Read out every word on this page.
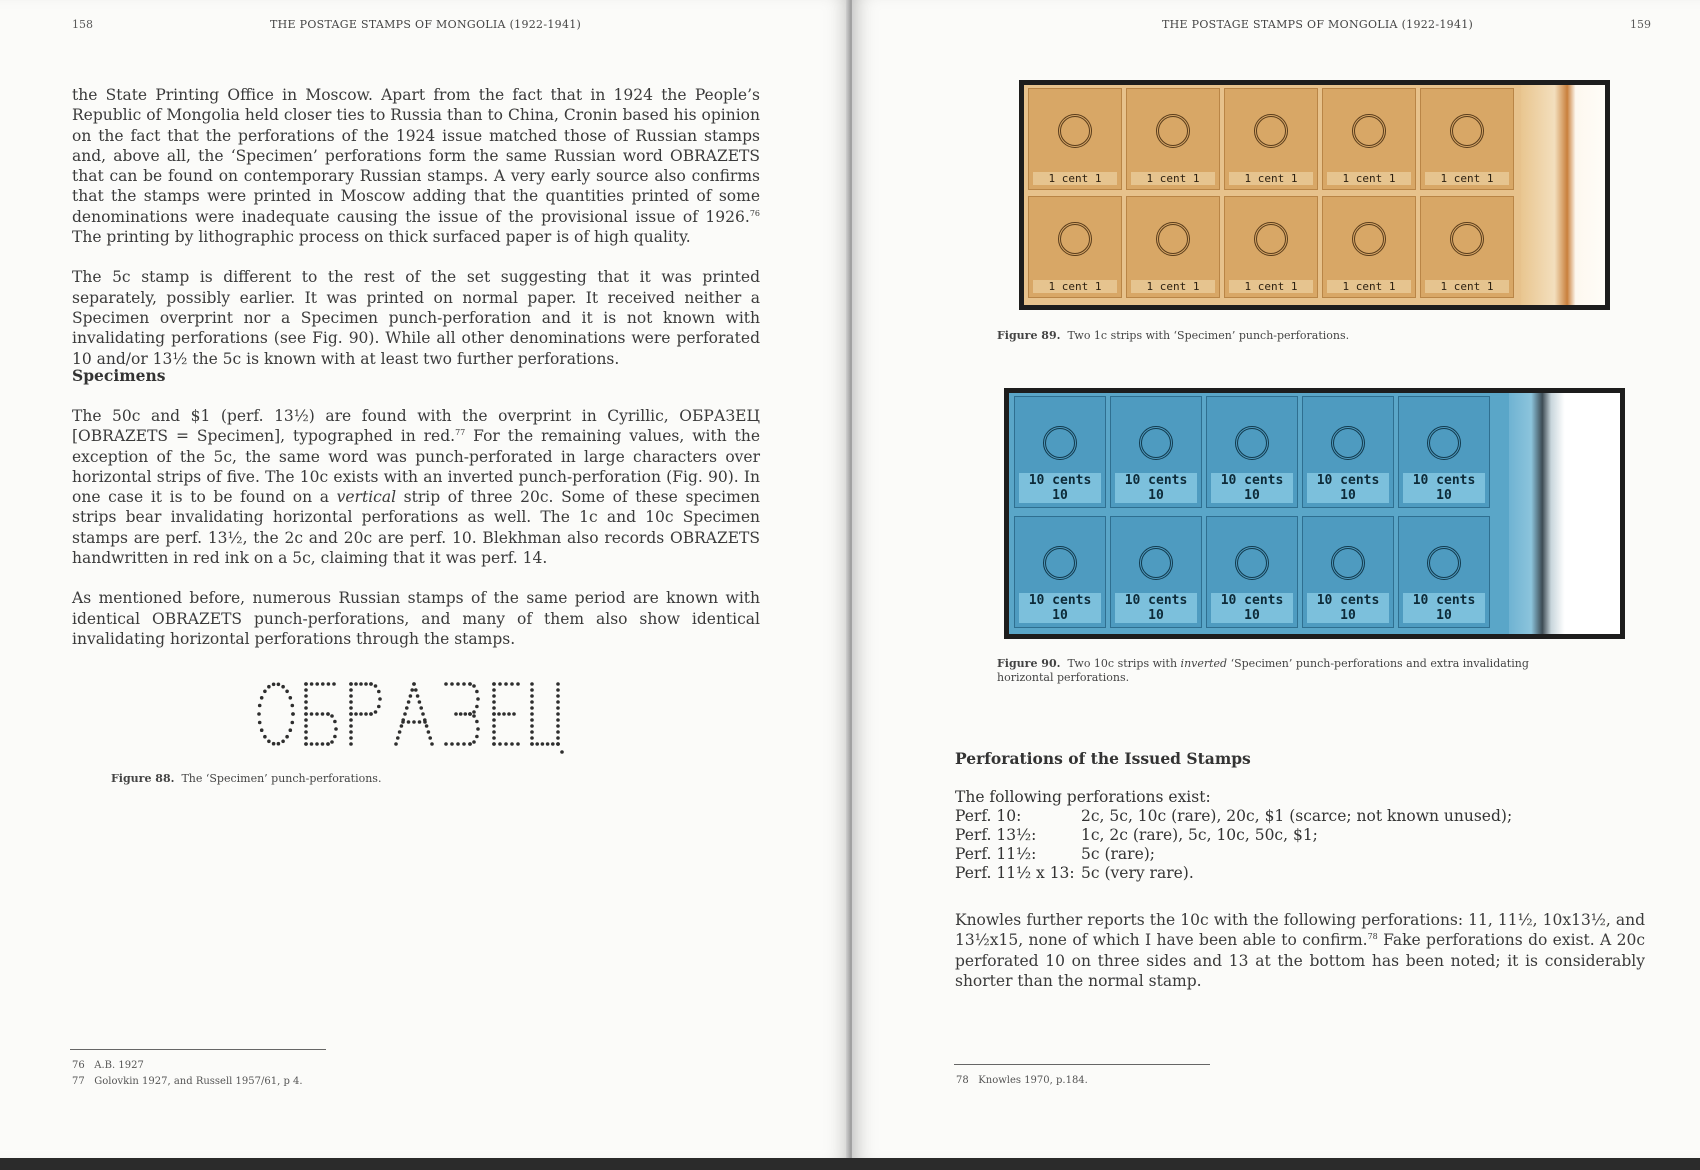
158	THE POSTAGE STAMPS OF MONGOLIA (1922-1941)

the State Printing Office in Moscow. Apart from the fact that in 1924 the People’s Republic of Mongolia held closer ties to Russia than to China, Cronin based his opinion on the fact that the perforations of the 1924 issue matched those of Russian stamps and, above all, the ‘Specimen’ perforations form the same Russian word OBRAZETS that can be found on contemporary Russian stamps. A very early source also confirms that the stamps were printed in Moscow adding that the quantities printed of some denominations were inadequate causing the issue of the provisional issue of 1926.76 The printing by lithographic process on thick surfaced paper is of high quality.

The 5c stamp is different to the rest of the set suggesting that it was printed separately, possibly earlier. It was printed on normal paper. It received neither a Specimen overprint nor a Specimen punch-perforation and it is not known with invalidating perforations (see Fig. 90). While all other denominations were perforated 10 and/or 13½ the 5c is known with at least two further perforations.

Specimens

The 50c and $1 (perf. 13½) are found with the overprint in Cyrillic, ОБРАЗЕЦ [OBRAZETS = Specimen], typographed in red.$^{77}$ For the remaining values, with the exception of the 5c, the same word was punch-perforated in large characters over horizontal strips of five. The 10c exists with an inverted punch-perforation (Fig. 90). In one case it is to be found on a vertical strip of three 20c. Some of these specimen strips bear invalidating horizontal perforations as well. The 1c and 10c Specimen stamps are perf. 13½, the 2c and 20c are perf. 10. Blekhman also records OBRAZETS handwritten in red ink on a 5c, claiming that it was perf. 14.

As mentioned before, numerous Russian stamps of the same period are known with identical OBRAZETS punch-perforations, and many of them also show identical invalidating horizontal perforations through the stamps.

Figure 88. The ‘Specimen’ punch-perforations.
76 A.B. 1927
77 Golovkin 1927, and Russell 1957/61, p 4.
THE POSTAGE STAMPS OF MONGOLIA (1922-1941)	159
1 cent 1	1 cent 1	1 cent 1	1 cent 1	1 cent 1
1 cent 1	1 cent 1	1 cent 1	1 cent 1	1 cent 1
Figure 89. Two 1c strips with ‘Specimen’ punch-perforations.
10 cents 10
10 cents 10
10 cents 10
10 cents 10
10 cents 10
10 cents 10
10 cents 10
10 cents 10
10 cents 10
10 cents 10
Figure 90. Two 10c strips with inverted ‘Specimen’ punch-perforations and extra invalidating horizontal perforations.
Perforations of the Issued Stamps
The following perforations exist:
Perf. 10:	2c, 5c, 10c (rare), 20c, $1 (scarce; not known unused);
Perf. 13½:	1c, 2c (rare), 5c, 10c, 50c, $1;
Perf. 11½:	5c (rare);
Perf. 11½ x 13: 5c (very rare).
Knowles further reports the 10c with the following perforations: 11, 11½, 10x13½, and 13½x15, none of which I have been able to confirm.$^{78}$ Fake perforations do exist. A 20c perforated 10 on three sides and 13 at the bottom has been noted; it is considerably shorter than the normal stamp.
78 Knowles 1970, p.184.
